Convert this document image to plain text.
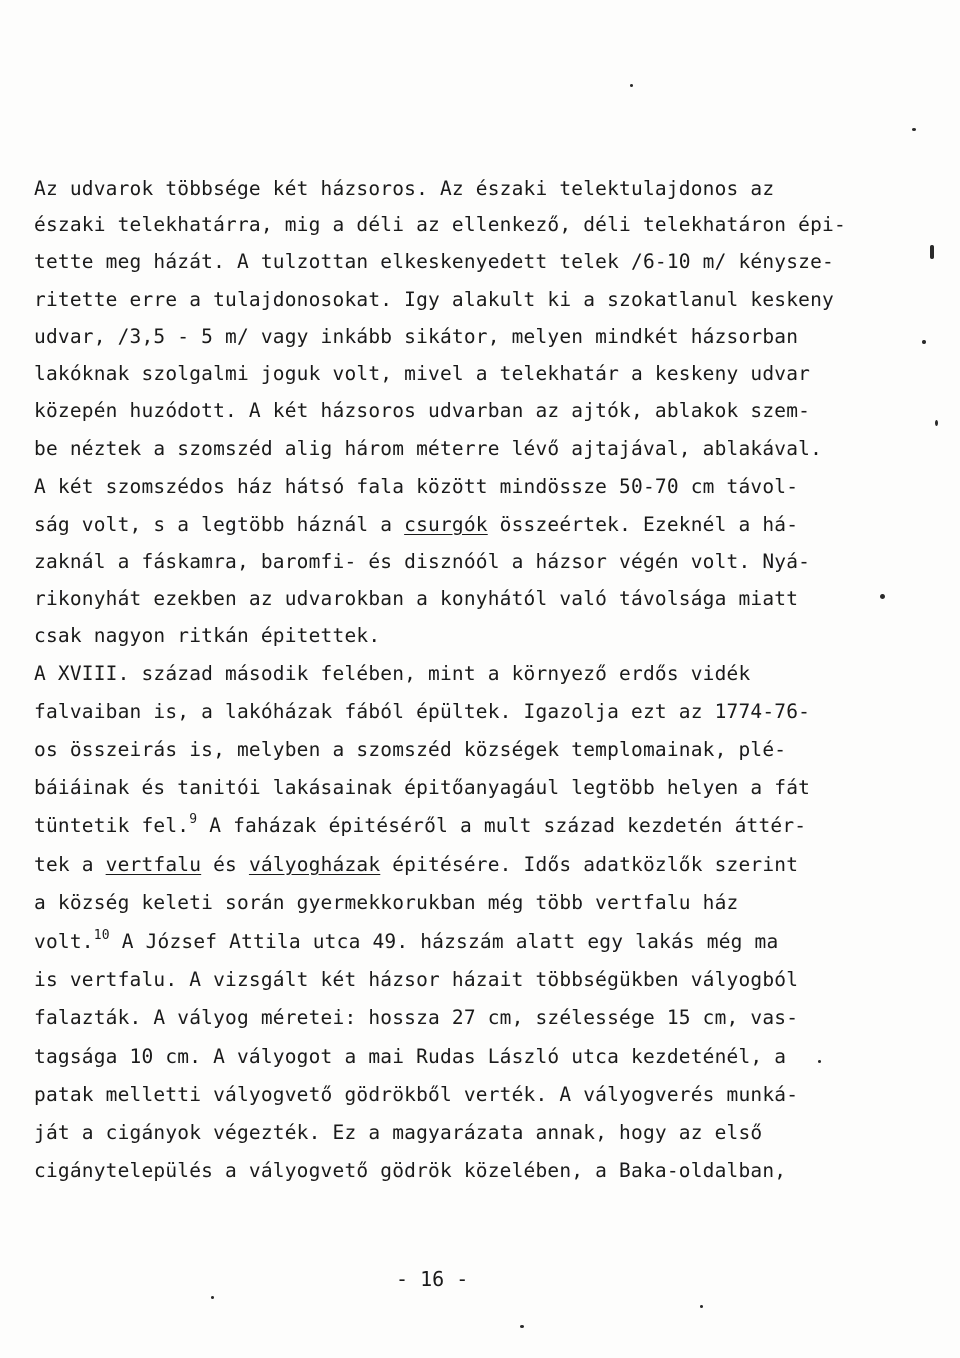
Az udvarok többsége két házsoros. Az északi telektulajdonos az
északi telekhatárra, mig a déli az ellenkező, déli telekhatáron épi-
tette meg házát. A tulzottan elkeskenyedett telek /6-10 m/ kénysze-
ritette erre a tulajdonosokat. Igy alakult ki a szokatlanul keskeny
udvar, /3,5 - 5 m/ vagy inkább sikátor, melyen mindkét házsorban
lakóknak szolgalmi joguk volt, mivel a telekhatár a keskeny udvar
közepén huzódott. A két házsoros udvarban az ajtók, ablakok szem-
be néztek a szomszéd alig három méterre lévő ajtajával, ablakával.
A két szomszédos ház hátsó fala között mindössze 50-70 cm távol-
ság volt, s a legtöbb háznál a csurgók összeértek. Ezeknél a há-
zaknál a fáskamra, baromfi- és disznóól a házsor végén volt. Nyá-
rikonyhát ezekben az udvarokban a konyhától való távolsága miatt
csak nagyon ritkán épitettek.
A XVIII. század második felében, mint a környező erdős vidék
falvaiban is, a lakóházak fából épültek. Igazolja ezt az 1774-76-
os összeirás is, melyben a szomszéd községek templomainak, plé-
báiáinak és tanitói lakásainak épitőanyagául legtöbb helyen a fát
tüntetik fel.$^9$ A faházak épitéséről a mult század kezdetén áttér-
tek a vertfalu és vályogházak épitésére. Idős adatközlők szerint
a község keleti során gyermekkorukban még több vertfalu ház
volt.$^{10}$ A József Attila utca 49. házszám alatt egy lakás még ma
is vertfalu. A vizsgált két házsor házait többségükben vályogból
falazták. A vályog méretei: hossza 27 cm, szélessége 15 cm, vas-
tagsága 10 cm. A vályogot a mai Rudas László utca kezdeténél, a
patak melletti vályogvető gödrökből verték. A vályogverés munká-
ját a cigányok végezték. Ez a magyarázata annak, hogy az első
cigánytelepülés a vályogvető gödrök közelében, a Baka-oldalban,
- 16 -
